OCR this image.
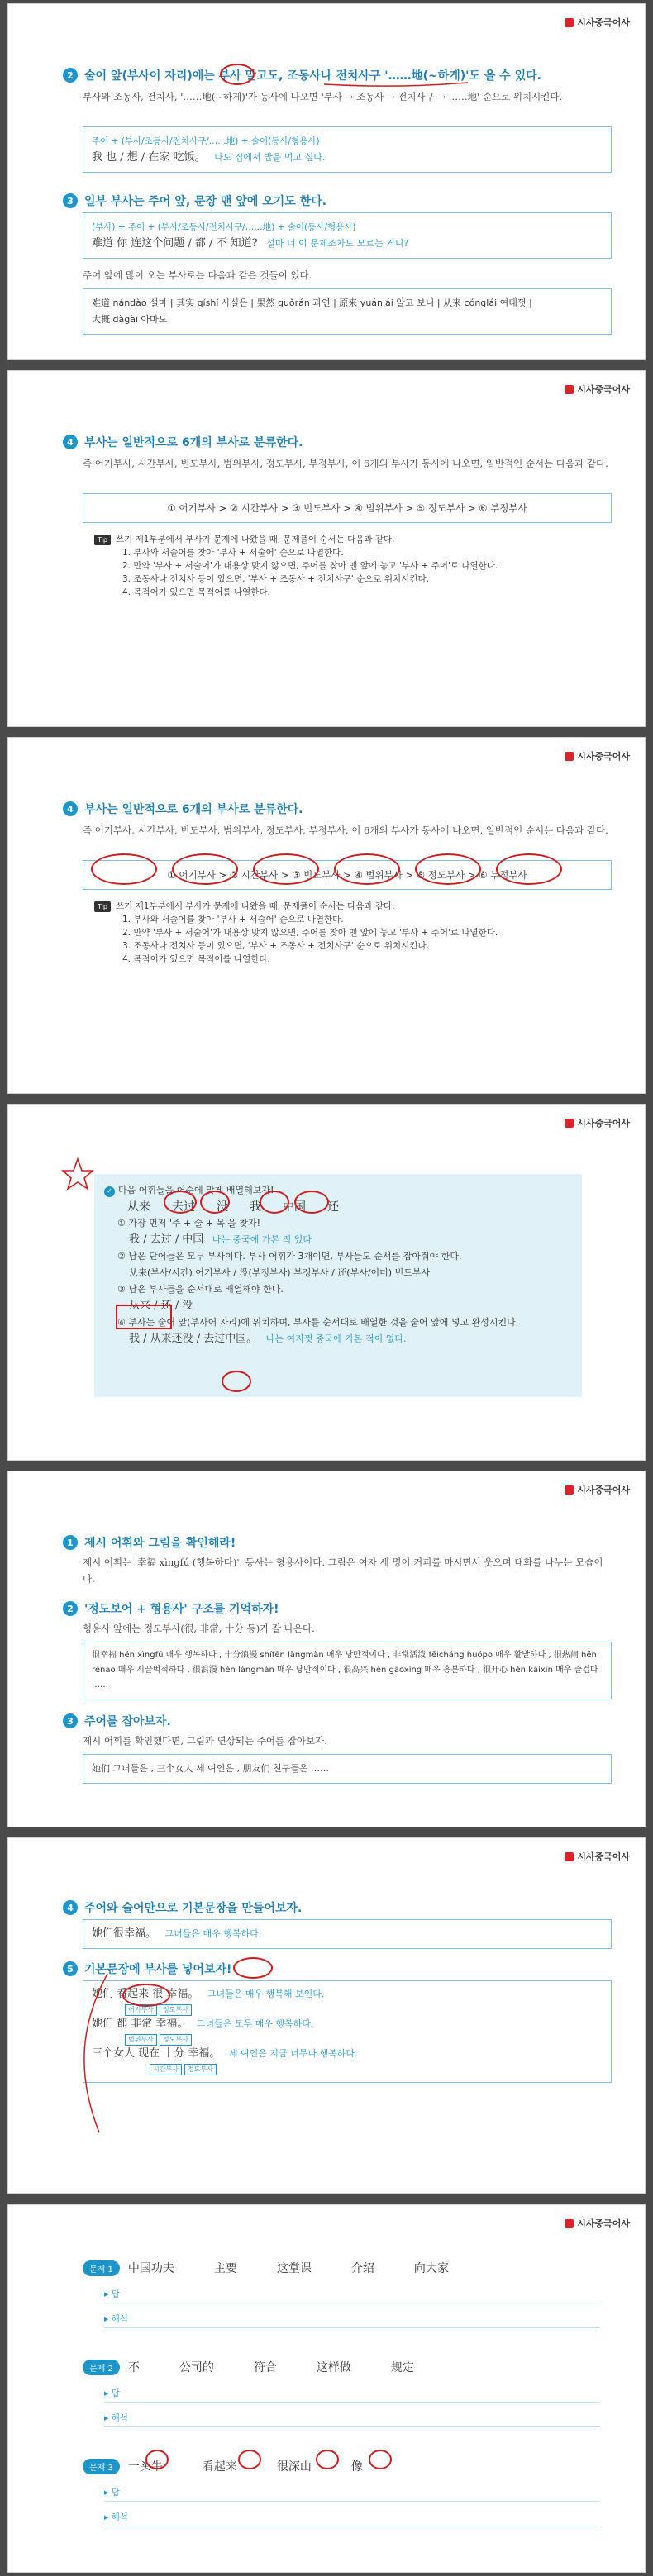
시사중국어사
2 술어 앞(부사어 자리)에는 부사 말고도, 조동사나 전치사구 '……地(~하게)'도 올 수 있다.
부사와 조동사, 전치사, '……地(~하게)'가 동사에 나오면 '부사 → 조동사 → 전치사구 → ……地' 순으로 위치시킨다.
주어 + (부사/조동사/전치사구/……地) + 술어(동사/형용사)
我 也 / 想 / 在家 吃饭。 나도 집에서 밥을 먹고 싶다.
3 일부 부사는 주어 앞, 문장 맨 앞에 오기도 한다.
(부사) + 주어 + (부사/조동사/전치사구/……地) + 술어(동사/형용사)
难道 你 连这个问题 / 都 / 不 知道? 설마 너 이 문제조차도 모르는 거니?
주어 앞에 많이 오는 부사로는 다음과 같은 것들이 있다.
难道 nándào 설마 | 其实 qíshí 사실은 | 果然 guǒrán 과연 | 原来 yuánlái 알고 보니 | 从来 cónglái 여태껏 |
大概 dàgài 아마도
시사중국어사
4 부사는 일반적으로 6개의 부사로 분류한다.
즉 어기부사, 시간부사, 빈도부사, 범위부사, 정도부사, 부정부사, 이 6개의 부사가 동사에 나오면, 일반적인 순서는 다음과 같다.
① 어기부사 > ② 시간부사 > ③ 빈도부사 > ④ 범위부사 > ⑤ 정도부사 > ⑥ 부정부사
Tip 쓰기 제1부분에서 부사가 문제에 나왔을 때, 문제풀이 순서는 다음과 같다.
1. 부사와 서술어를 찾아 '부사 + 서술어' 순으로 나열한다.
2. 만약 '부사 + 서술어'가 내용상 맞지 않으면, 주어를 찾아 맨 앞에 놓고 '부사 + 주어'로 나열한다.
3. 조동사나 전치사 등이 있으면, '부사 + 조동사 + 전치사구' 순으로 위치시킨다.
4. 목적어가 있으면 목적어를 나열한다.
시사중국어사
4 부사는 일반적으로 6개의 부사로 분류한다.
즉 어기부사, 시간부사, 빈도부사, 범위부사, 정도부사, 부정부사, 이 6개의 부사가 동사에 나오면, 일반적인 순서는 다음과 같다.
① 어기부사 > ② 시간부사 > ③ 빈도부사 > ④ 범위부사 > ⑤ 정도부사 > ⑥ 부정부사
Tip 쓰기 제1부분에서 부사가 문제에 나왔을 때, 문제풀이 순서는 다음과 같다.
1. 부사와 서술어를 찾아 '부사 + 서술어' 순으로 나열한다.
2. 만약 '부사 + 서술어'가 내용상 맞지 않으면, 주어를 찾아 맨 앞에 놓고 '부사 + 주어'로 나열한다.
3. 조동사나 전치사 등이 있으면, '부사 + 조동사 + 전치사구' 순으로 위치시킨다.
4. 목적어가 있으면 목적어를 나열한다.
시사중국어사
✓ 다음 어휘들을 어순에 맞게 배열해보자!
从来 去过 没 我 中国 还
① 가장 먼저 '주 + 술 + 목'을 찾자!
我 / 去过 / 中国 나는 중국에 가본 적 있다
② 남은 단어들은 모두 부사이다. 부사 어휘가 3개이면, 부사들도 순서를 잡아줘야 한다.
从来(부사/시간) 어기부사 / 没(부정부사) 부정부사 / 还(부사/이미) 빈도부사
③ 남은 부사들을 순서대로 배열해야 한다.
从来 / 还 / 没
④ 부사는 술어 앞(부사어 자리)에 위치하며, 부사를 순서대로 배열한 것을 술어 앞에 넣고 완성시킨다.
我 / 从来还没 / 去过中国。 나는 여지껏 중국에 가본 적이 없다.
시사중국어사
1 제시 어휘와 그림을 확인해라!
제시 어휘는 '幸福 xìngfú (행복하다)', 동사는 형용사이다. 그림은 여자 세 명이 커피를 마시면서 웃으며 대화를 나누는 모습이다.
2 '정도보어 + 형용사' 구조를 기억하자!
형용사 앞에는 정도부사(很, 非常, 十分 등)가 잘 나온다.
很幸福 hěn xìngfú 매우 행복하다 , 十分浪漫 shífēn làngmàn 매우 낭만적이다 , 非常活泼 fēicháng huópo 매우 활발하다 , 很热闹 hěn rènao 매우 시끌벅적하다 , 很浪漫 hěn làngmàn 매우 낭만적이다 , 很高兴 hěn gāoxìng 매우 흥분하다 , 很开心 hěn kāixīn 매우 즐겁다 ……
3 주어를 잡아보자.
제시 어휘를 확인했다면, 그림과 연상되는 주어를 잡아보자.
她们 그녀들은 , 三个女人 세 여인은 , 朋友们 친구들은 ……
시사중국어사
4 주어와 술어만으로 기본문장을 만들어보자.
她们很幸福。 그녀들은 매우 행복하다.
5 기본문장에 부사를 넣어보자!
她们 看起来 很 幸福。 그녀들은 매우 행복해 보인다.
어기부사 정도부사
她们 都 非常 幸福。 그녀들은 모두 매우 행복하다.
범위부사 정도부사
三个女人 现在 十分 幸福。 세 여인은 지금 너무나 행복하다.
시간부사 정도부사
시사중국어사
문제 1	中国功夫	主要	这堂课	介绍	向大家
▸ 답
▸ 해석
문제 2	不	公司的	符合	这样做	规定
▸ 답
▸ 해석
문제 3	一头牛	看起来	很深山	像
▸ 답
▸ 해석
